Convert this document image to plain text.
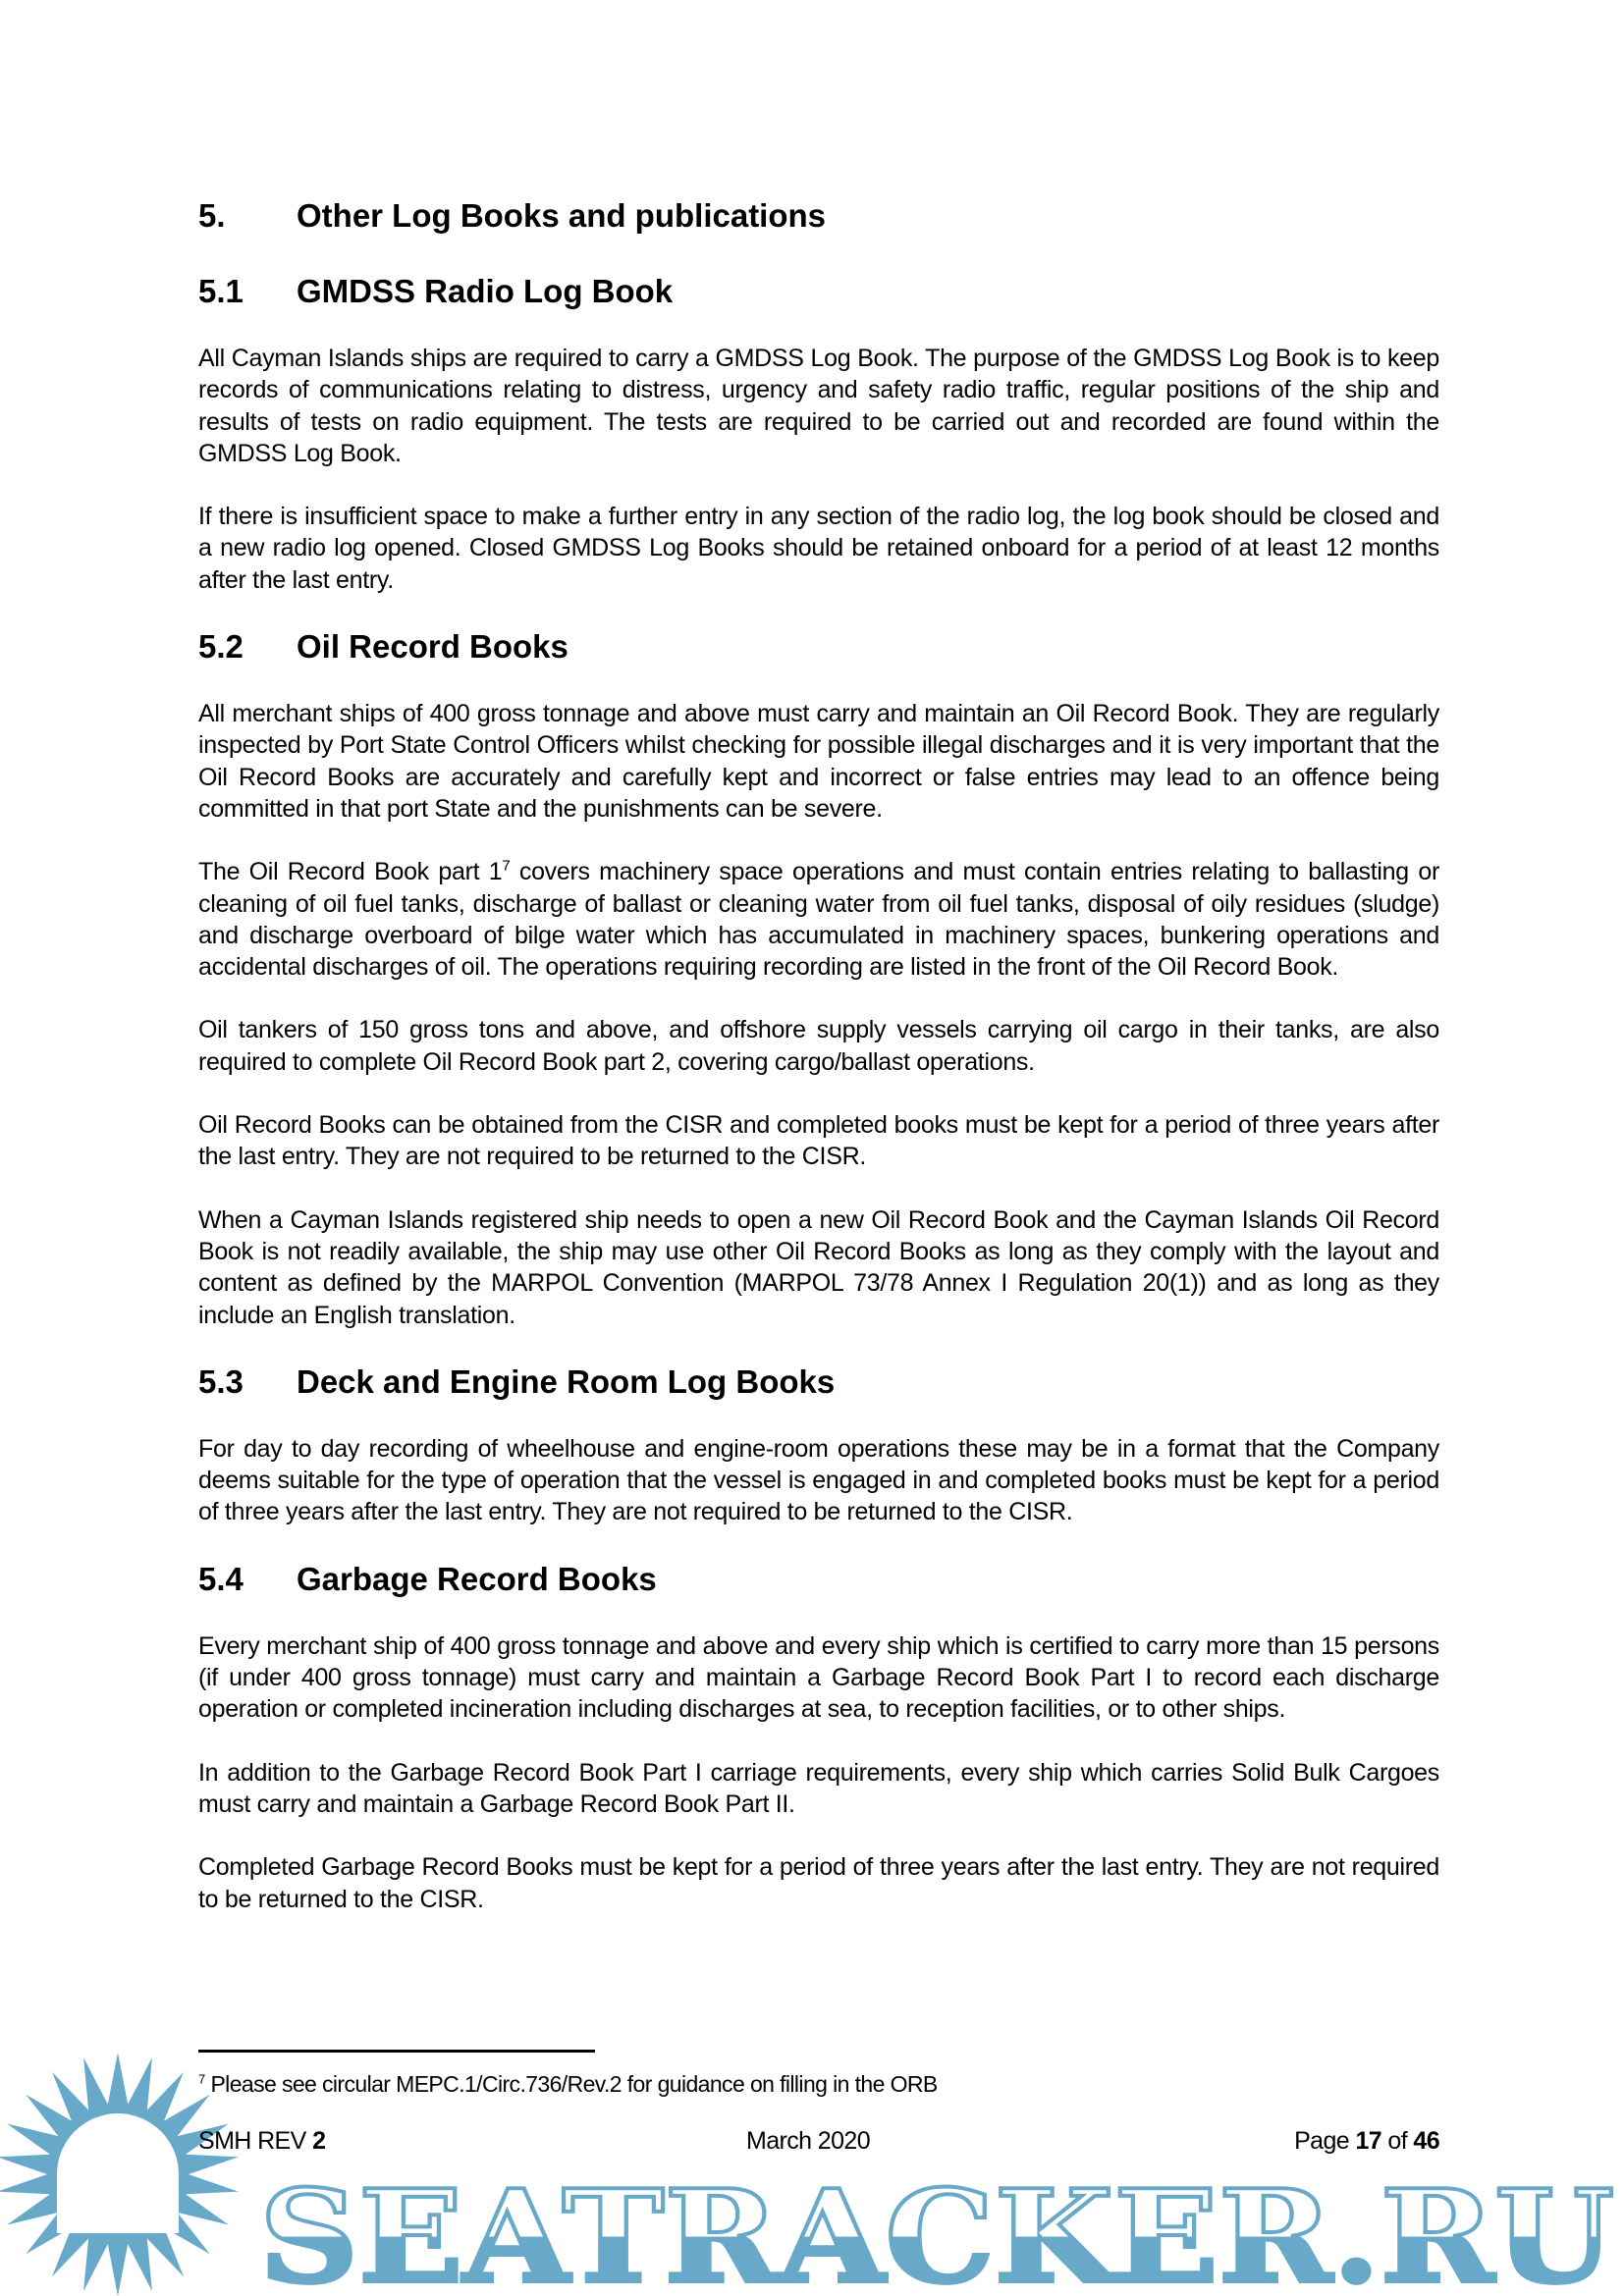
5. Other Log Books and publications
5.1 GMDSS Radio Log Book
All Cayman Islands ships are required to carry a GMDSS Log Book. The purpose of the GMDSS Log Book is to keep records of communications relating to distress, urgency and safety radio traffic, regular positions of the ship and results of tests on radio equipment. The tests are required to be carried out and recorded are found within the GMDSS Log Book.
If there is insufficient space to make a further entry in any section of the radio log, the log book should be closed and a new radio log opened. Closed GMDSS Log Books should be retained onboard for a period of at least 12 months after the last entry.
5.2 Oil Record Books
All merchant ships of 400 gross tonnage and above must carry and maintain an Oil Record Book. They are regularly inspected by Port State Control Officers whilst checking for possible illegal discharges and it is very important that the Oil Record Books are accurately and carefully kept and incorrect or false entries may lead to an offence being committed in that port State and the punishments can be severe.
The Oil Record Book part $1^7$ covers machinery space operations and must contain entries relating to ballasting or cleaning of oil fuel tanks, discharge of ballast or cleaning water from oil fuel tanks, disposal of oily residues (sludge) and discharge overboard of bilge water which has accumulated in machinery spaces, bunkering operations and accidental discharges of oil. The operations requiring recording are listed in the front of the Oil Record Book.
Oil tankers of 150 gross tons and above, and offshore supply vessels carrying oil cargo in their tanks, are also required to complete Oil Record Book part 2, covering cargo/ballast operations.
Oil Record Books can be obtained from the CISR and completed books must be kept for a period of three years after the last entry. They are not required to be returned to the CISR.
When a Cayman Islands registered ship needs to open a new Oil Record Book and the Cayman Islands Oil Record Book is not readily available, the ship may use other Oil Record Books as long as they comply with the layout and content as defined by the MARPOL Convention (MARPOL 73/78 Annex I Regulation 20(1)) and as long as they include an English translation.
5.3 Deck and Engine Room Log Books
For day to day recording of wheelhouse and engine-room operations these may be in a format that the Company deems suitable for the type of operation that the vessel is engaged in and completed books must be kept for a period of three years after the last entry. They are not required to be returned to the CISR.
5.4 Garbage Record Books
Every merchant ship of 400 gross tonnage and above and every ship which is certified to carry more than 15 persons (if under 400 gross tonnage) must carry and maintain a Garbage Record Book Part I to record each discharge operation or completed incineration including discharges at sea, to reception facilities, or to other ships.
In addition to the Garbage Record Book Part I carriage requirements, every ship which carries Solid Bulk Cargoes must carry and maintain a Garbage Record Book Part II.
Completed Garbage Record Books must be kept for a period of three years after the last entry. They are not required to be returned to the CISR.
$^7$ Please see circular MEPC.1/Circ.736/Rev.2 for guidance on filling in the ORB
SEATRACKER.RU
SMH REV 2	March 2020	Page 17 of 46
